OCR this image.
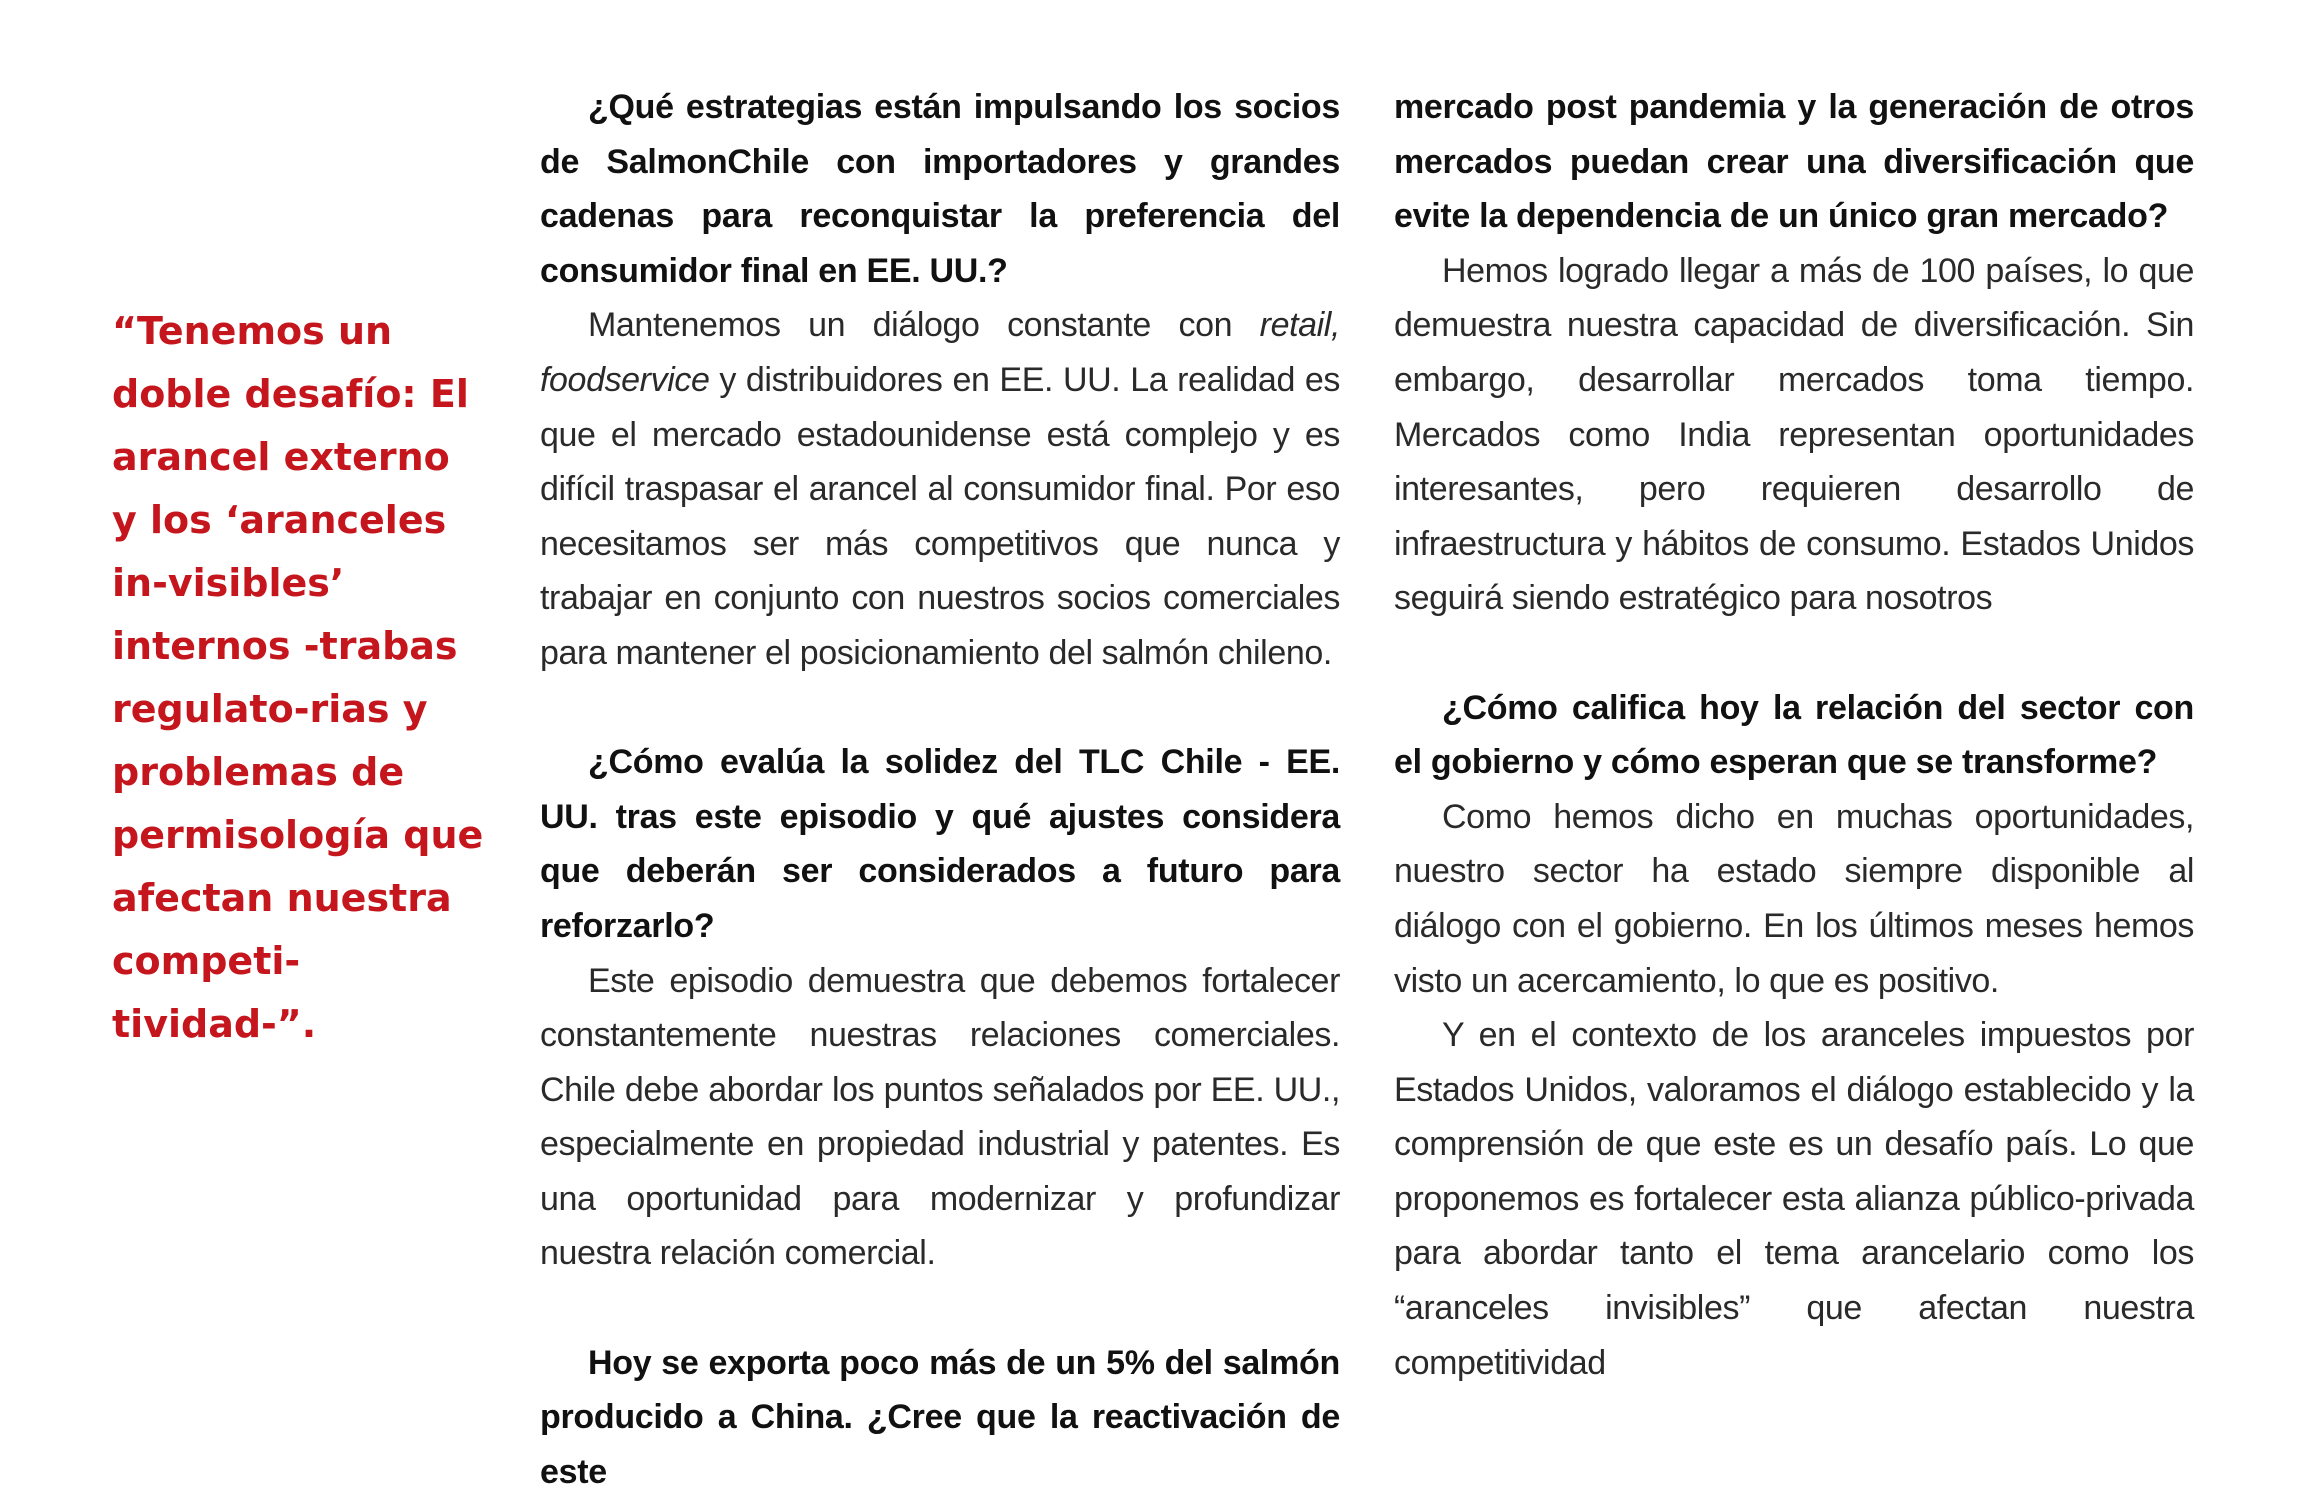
“Tenemos un doble desafío: El arancel externo y los ‘aranceles in-visibles’ internos -trabas regulato-rias y problemas de permisología que afectan nuestra competi-tividad-”.

¿Qué estrategias están impulsando los socios de SalmonChile con importadores y grandes cadenas para reconquistar la preferencia del consumidor final en EE. UU.?

Mantenemos un diálogo constante con retail, foodservice y distribuidores en EE. UU. La realidad es que el mercado estadounidense está complejo y es difícil traspasar el arancel al consumidor final. Por eso necesitamos ser más competitivos que nunca y trabajar en conjunto con nuestros socios comerciales para mantener el posicionamiento del salmón chileno.

¿Cómo evalúa la solidez del TLC Chile - EE. UU. tras este episodio y qué ajustes considera que deberán ser considerados a futuro para reforzarlo?

Este episodio demuestra que debemos fortalecer constantemente nuestras relaciones comerciales. Chile debe abordar los puntos señalados por EE. UU., especialmente en propiedad industrial y patentes. Es una oportunidad para modernizar y profundizar nuestra relación comercial.

Hoy se exporta poco más de un 5% del salmón producido a China. ¿Cree que la reactivación de este

mercado post pandemia y la generación de otros mercados puedan crear una diversificación que evite la dependencia de un único gran mercado?

Hemos logrado llegar a más de 100 países, lo que demuestra nuestra capacidad de diversificación. Sin embargo, desarrollar mercados toma tiempo. Mercados como India representan oportunidades interesantes, pero requieren desarrollo de infraestructura y hábitos de consumo. Estados Unidos seguirá siendo estratégico para nosotros

¿Cómo califica hoy la relación del sector con el gobierno y cómo esperan que se transforme?

Como hemos dicho en muchas oportunidades, nuestro sector ha estado siempre disponible al diálogo con el gobierno. En los últimos meses hemos visto un acercamiento, lo que es positivo.

Y en el contexto de los aranceles impuestos por Estados Unidos, valoramos el diálogo establecido y la comprensión de que este es un desafío país. Lo que proponemos es fortalecer esta alianza público-privada para abordar tanto el tema arancelario como los “aranceles invisibles” que afectan nuestra competitividad
